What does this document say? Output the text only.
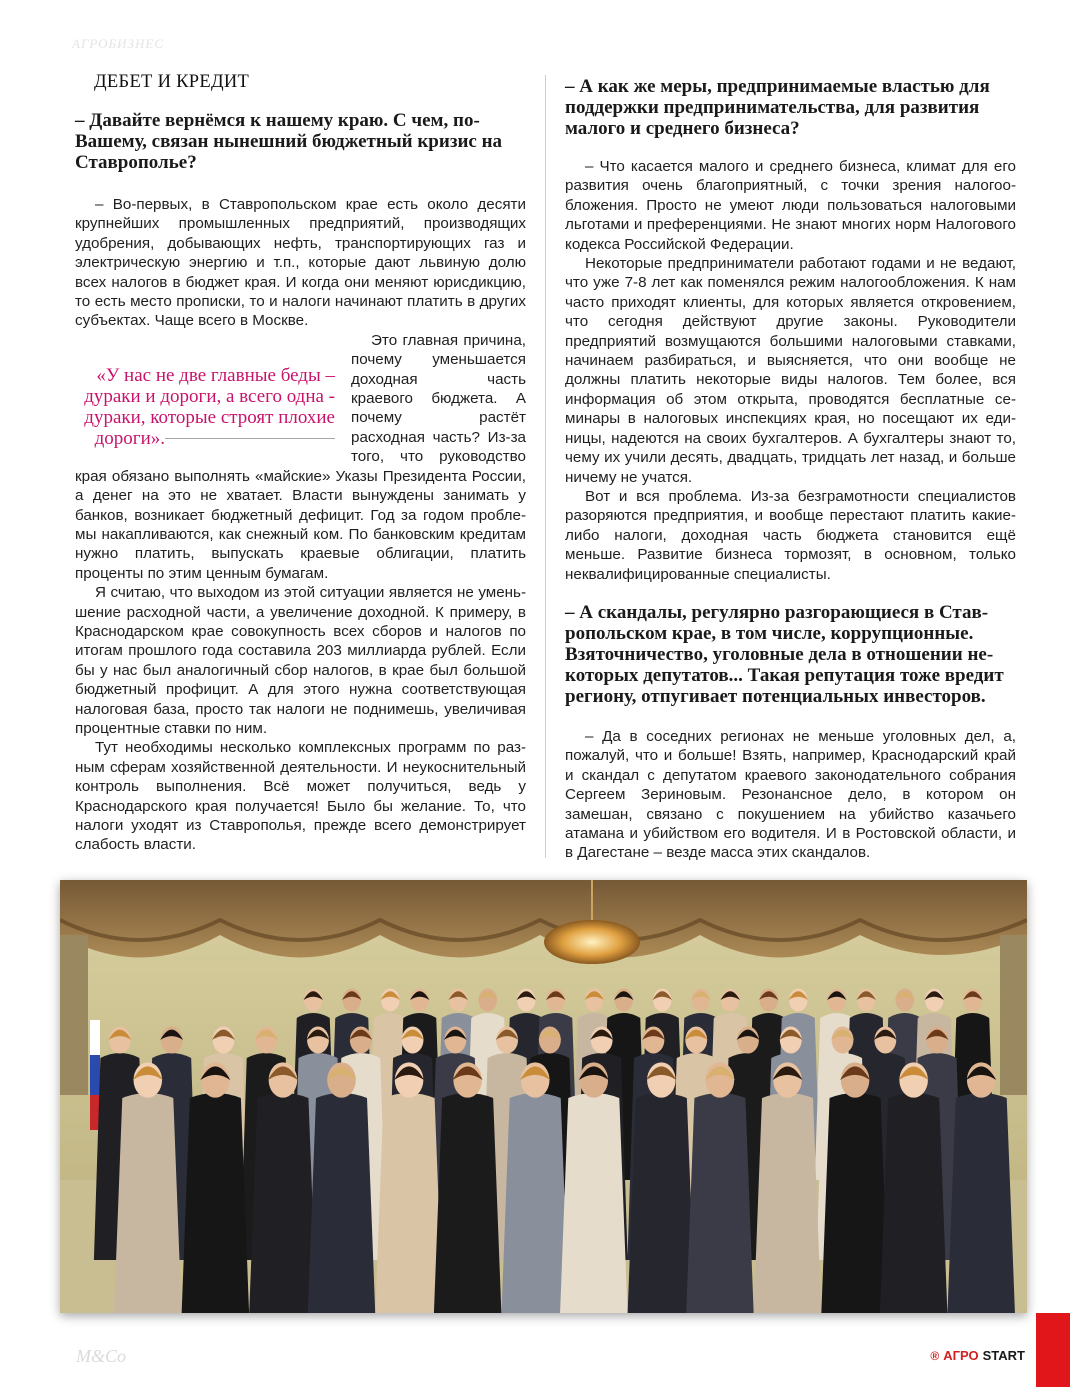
АГРОБИЗНЕС
ДЕБЕТ И КРЕДИТ

– Давайте вернёмся к нашему краю. С чем, по-Вашему, связан нынешний бюджетный кризис на Ставрополье?

– Во-первых, в Ставропольском крае есть около десяти крупнейших промышленных предприятий, производящих удобрения, добывающих нефть, транспортирующих газ и электрическую энергию и т.п., которые дают львиную долю всех налогов в бюджет края. И когда они меняют юрисдикцию, то есть место прописки, то и налоги начинают платить в других субъектах. Чаще всего в Москве.

«У нас не две главные беды – дураки и дороги, а всего одна - дураки, которые строят плохие дороги».

Это главная причина, почему уменьшается доходная часть краевого бюджета. А почему растёт расходная часть? Из-за того, что руководство края обязано выполнять «майские» Указы Президента России, а денег на это не хватает. Власти вынуждены занимать у банков, возникает бюджетный дефицит. Год за годом проблемы накапливаются, как снежный ком. По банковским кредитам нужно платить, выпускать краевые облигации, платить проценты по этим ценным бумагам.

Я считаю, что выходом из этой ситуации является не уменьшение расходной части, а увеличение доходной. К примеру, в Краснодарском крае совокупность всех сборов и налогов по итогам прошлого года составила 203 миллиарда рублей. Если бы у нас был аналогичный сбор налогов, в крае был большой бюджетный профицит. А для этого нужна соответствующая налоговая база, просто так налоги не поднимешь, увеличивая процентные ставки по ним.

Тут необходимы несколько комплексных программ по разным сферам хозяйственной деятельности. И неукоснительный контроль выполнения. Всё может получиться, ведь у Краснодарского края получается! Было бы желание. То, что налоги уходят из Ставрополья, прежде всего демонстрирует слабость власти.

– А как же меры, предпринимаемые властью для поддержки предпринимательства, для развития малого и среднего бизнеса?

– Что касается малого и среднего бизнеса, климат для его развития очень благоприятный, с точки зрения налогообложения. Просто не умеют люди пользоваться налоговыми льготами и преференциями. Не знают многих норм Налогового кодекса Российской Федерации.

Некоторые предприниматели работают годами и не ведают, что уже 7-8 лет как поменялся режим налогообложения. К нам часто приходят клиенты, для которых является откровением, что сегодня действуют другие законы. Руководители предприятий возмущаются большими налоговыми ставками, начинаем разбираться, и выясняется, что они вообще не должны платить некоторые виды налогов. Тем более, вся информация об этом открыта, проводятся бесплатные семинары в налоговых инспекциях края, но посещают их единицы, надеются на своих бухгалтеров. А бухгалтеры знают то, чему их учили десять, двадцать, тридцать лет назад, и больше ничему не учатся.

Вот и вся проблема. Из-за безграмотности специалистов разоряются предприятия, и вообще перестают платить какие-либо налоги, доходная часть бюджета становится ещё меньше. Развитие бизнеса тормозят, в основном, только неквалифицированные специалисты.

– А скандалы, регулярно разгорающиеся в Ставропольском крае, в том числе, коррупционные. Взяточничество, уголовные дела в отношении некоторых депутатов... Такая репутация тоже вредит региону, отпугивает потенциальных инвесторов.

– Да в соседних регионах не меньше уголовных дел, а, пожалуй, что и больше! Взять, например, Краснодарский край и скандал с депутатом краевого законодательного собрания Сергеем Зериновым. Резонансное дело, в котором он замешан, связано с покушением на убийство казачьего атамана и убийством его водителя. И в Ростовской области, и в Дагестане – везде масса этих скандалов.

M&Co	® АГРО START
